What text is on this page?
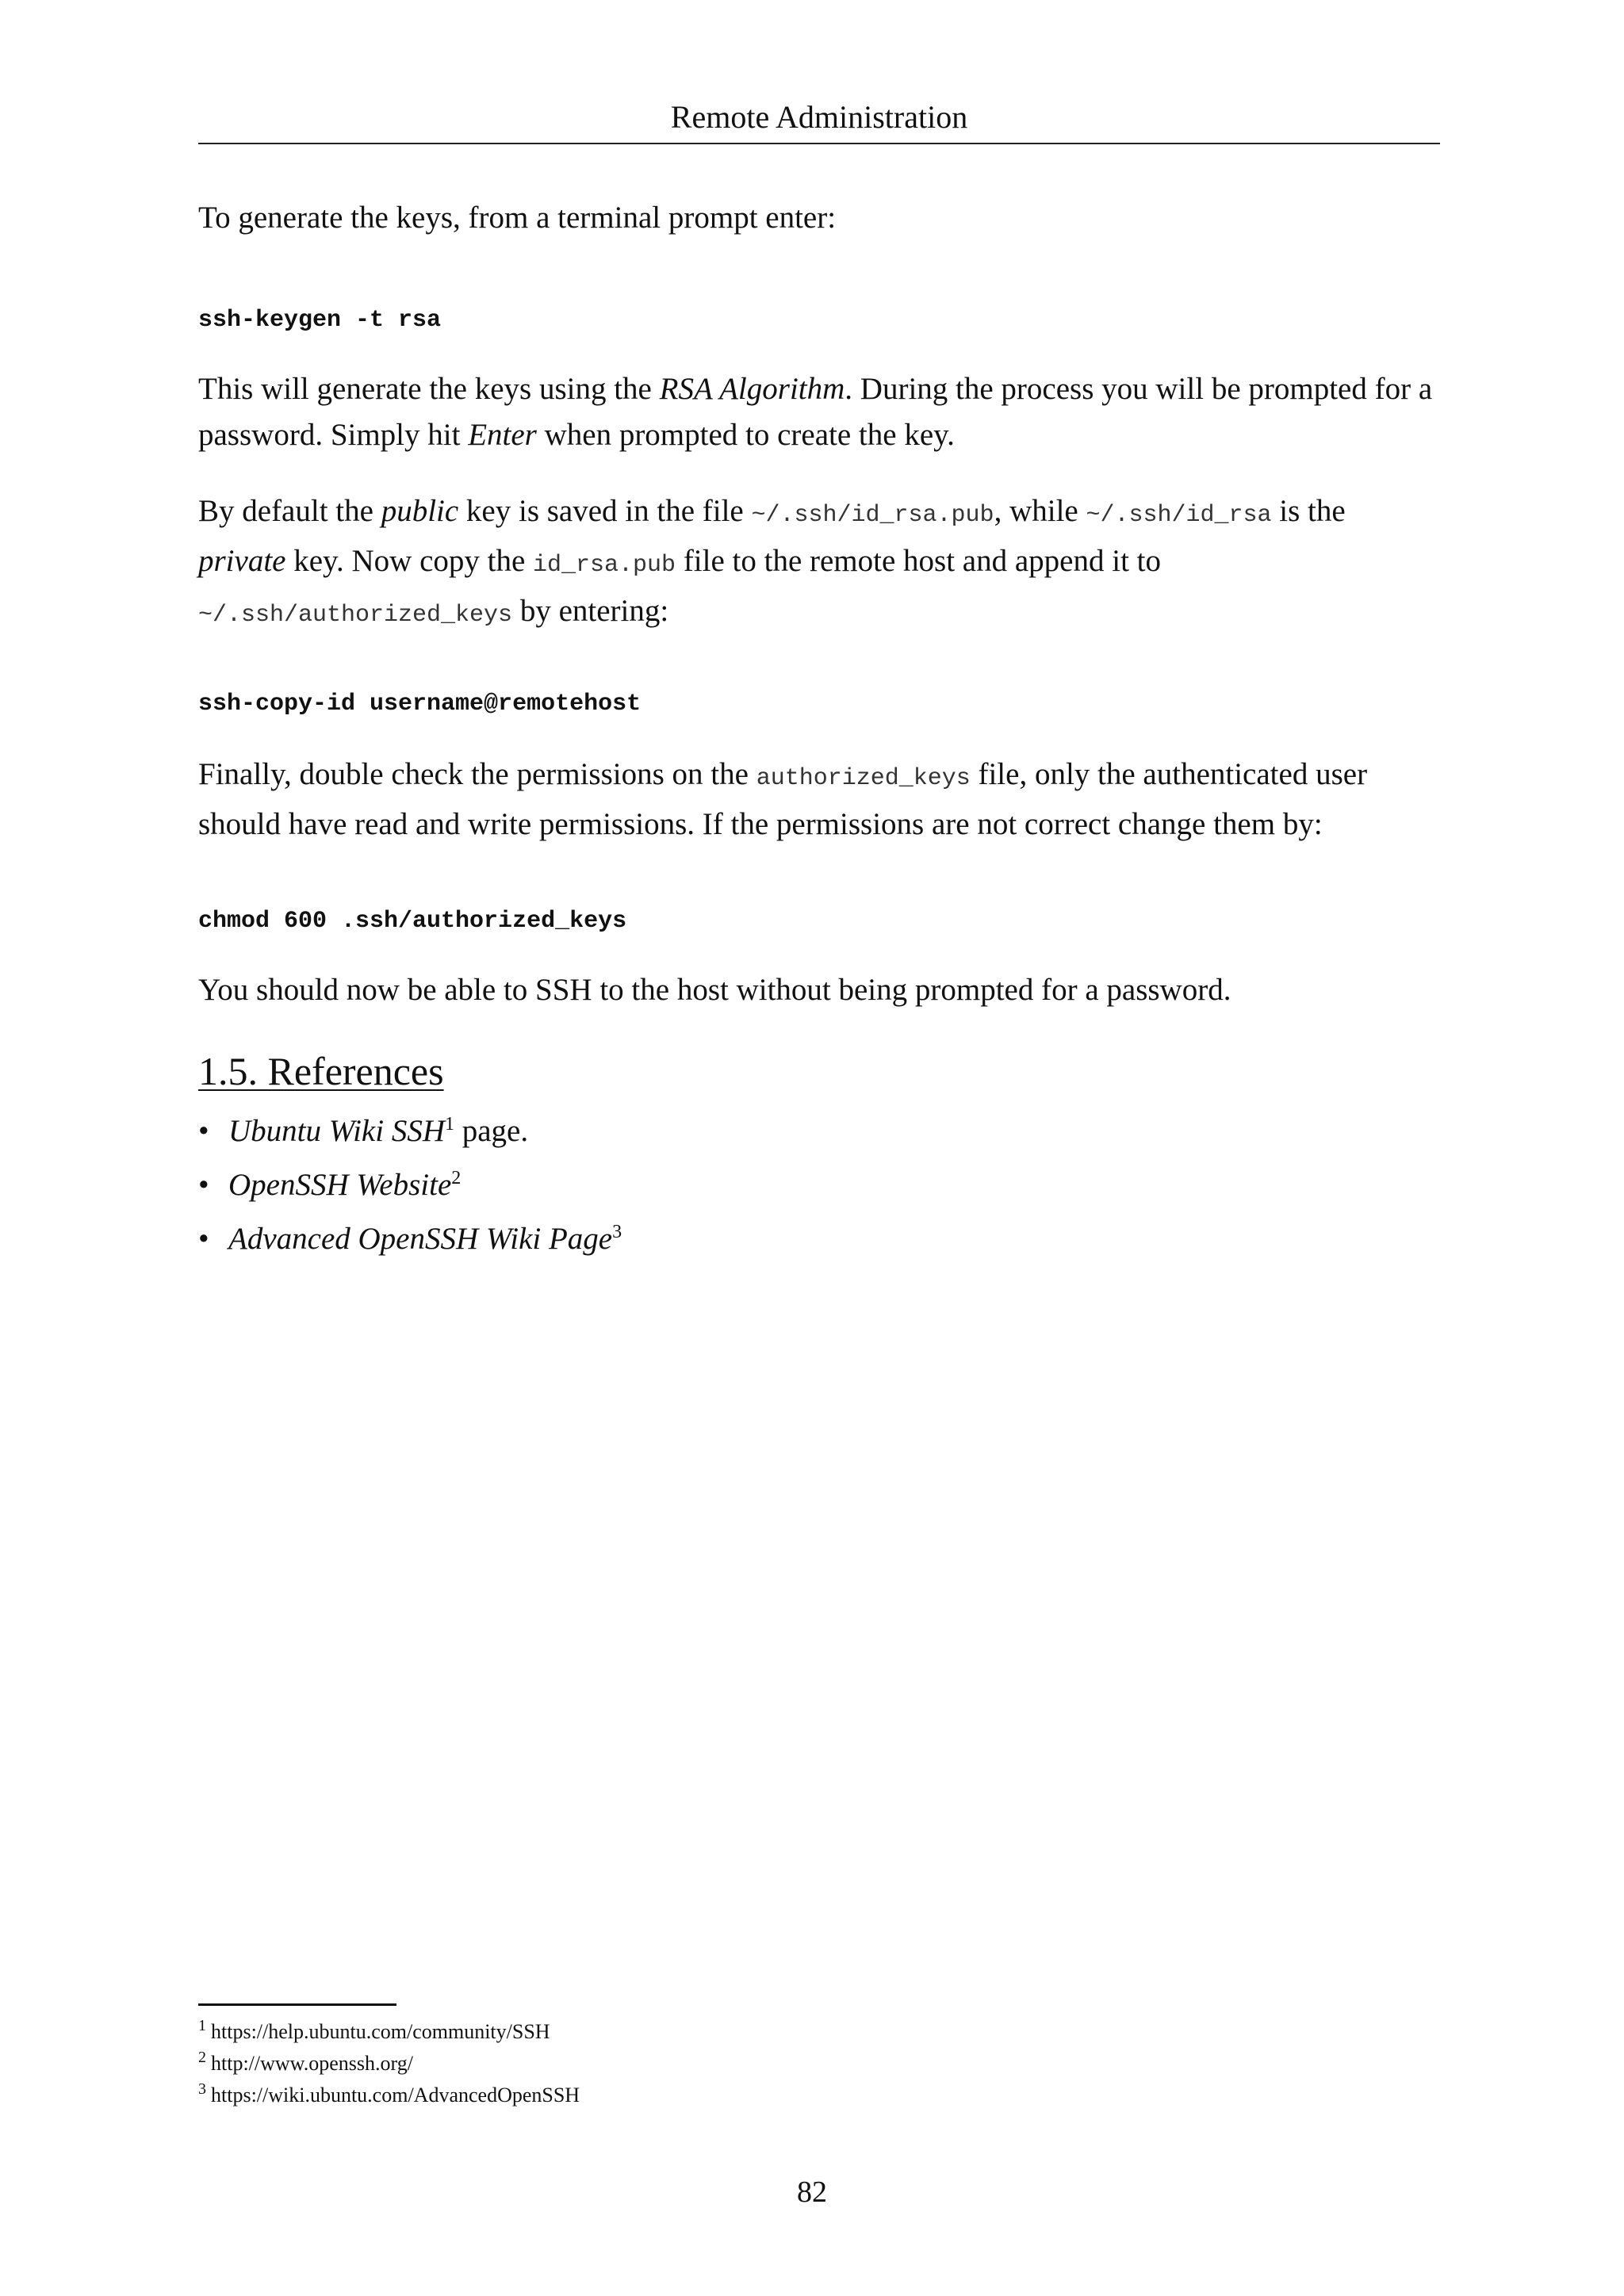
Remote Administration

To generate the keys, from a terminal prompt enter:

ssh-keygen -t rsa

This will generate the keys using the RSA Algorithm. During the process you will be prompted for a password. Simply hit Enter when prompted to create the key.

By default the public key is saved in the file ~/.ssh/id_rsa.pub, while ~/.ssh/id_rsa is the private key. Now copy the id_rsa.pub file to the remote host and append it to ~/.ssh/authorized_keys by entering:

ssh-copy-id username@remotehost

Finally, double check the permissions on the authorized_keys file, only the authenticated user should have read and write permissions. If the permissions are not correct change them by:

chmod 600 .ssh/authorized_keys

You should now be able to SSH to the host without being prompted for a password.

1.5. References
• Ubuntu Wiki SSH$^1$ page.
• OpenSSH Website$^2$
• Advanced OpenSSH Wiki Page$^3$
$^1$ https://help.ubuntu.com/community/SSH
$^2$ http://www.openssh.org/
$^3$ https://wiki.ubuntu.com/AdvancedOpenSSH
82
